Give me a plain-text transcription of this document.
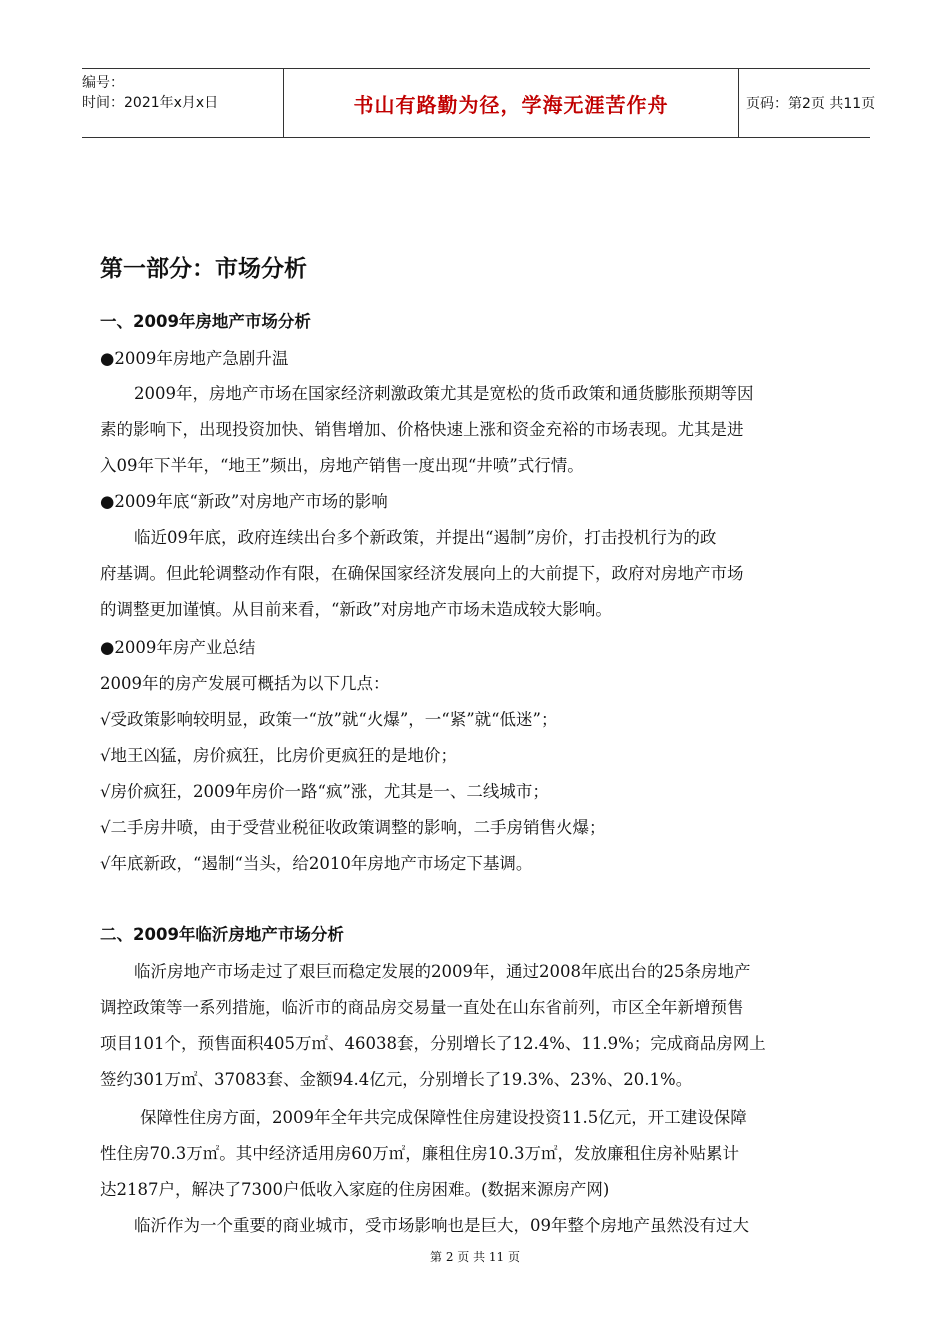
编号：
时间：2021年x月x日	书山有路勤为径，学海无涯苦作舟	页码：第2页 共11页
第一部分：市场分析
一、2009年房地产市场分析
●2009年房地产急剧升温
2009年，房地产市场在国家经济刺激政策尤其是宽松的货币政策和通货膨胀预期等因
素的影响下，出现投资加快、销售增加、价格快速上涨和资金充裕的市场表现。尤其是进
入09年下半年，“地王”频出，房地产销售一度出现“井喷”式行情。
●2009年底“新政”对房地产市场的影响
临近09年底，政府连续出台多个新政策，并提出“遏制”房价，打击投机行为的政
府基调。但此轮调整动作有限，在确保国家经济发展向上的大前提下，政府对房地产市场
的调整更加谨慎。从目前来看，“新政”对房地产市场未造成较大影响。
●2009年房产业总结
2009年的房产发展可概括为以下几点：
√受政策影响较明显，政策一“放”就“火爆”，一“紧”就“低迷”；
√地王凶猛，房价疯狂，比房价更疯狂的是地价；
√房价疯狂，2009年房价一路“疯”涨，尤其是一、二线城市；
√二手房井喷，由于受营业税征收政策调整的影响，二手房销售火爆；
√年底新政，“遏制“当头，给2010年房地产市场定下基调。
二、2009年临沂房地产市场分析
临沂房地产市场走过了艰巨而稳定发展的2009年，通过2008年底出台的25条房地产
调控政策等一系列措施，临沂市的商品房交易量一直处在山东省前列，市区全年新增预售
项目101个，预售面积405万㎡、46038套，分别增长了12.4%、11.9%；完成商品房网上
签约301万㎡、37083套、金额94.4亿元，分别增长了19.3%、23%、20.1%。
保障性住房方面，2009年全年共完成保障性住房建设投资11.5亿元，开工建设保障
性住房70.3万㎡。其中经济适用房60万㎡，廉租住房10.3万㎡，发放廉租住房补贴累计
达2187户，解决了7300户低收入家庭的住房困难。(数据来源房产网)
临沂作为一个重要的商业城市，受市场影响也是巨大，09年整个房地产虽然没有过大
第 2 页 共 11 页
